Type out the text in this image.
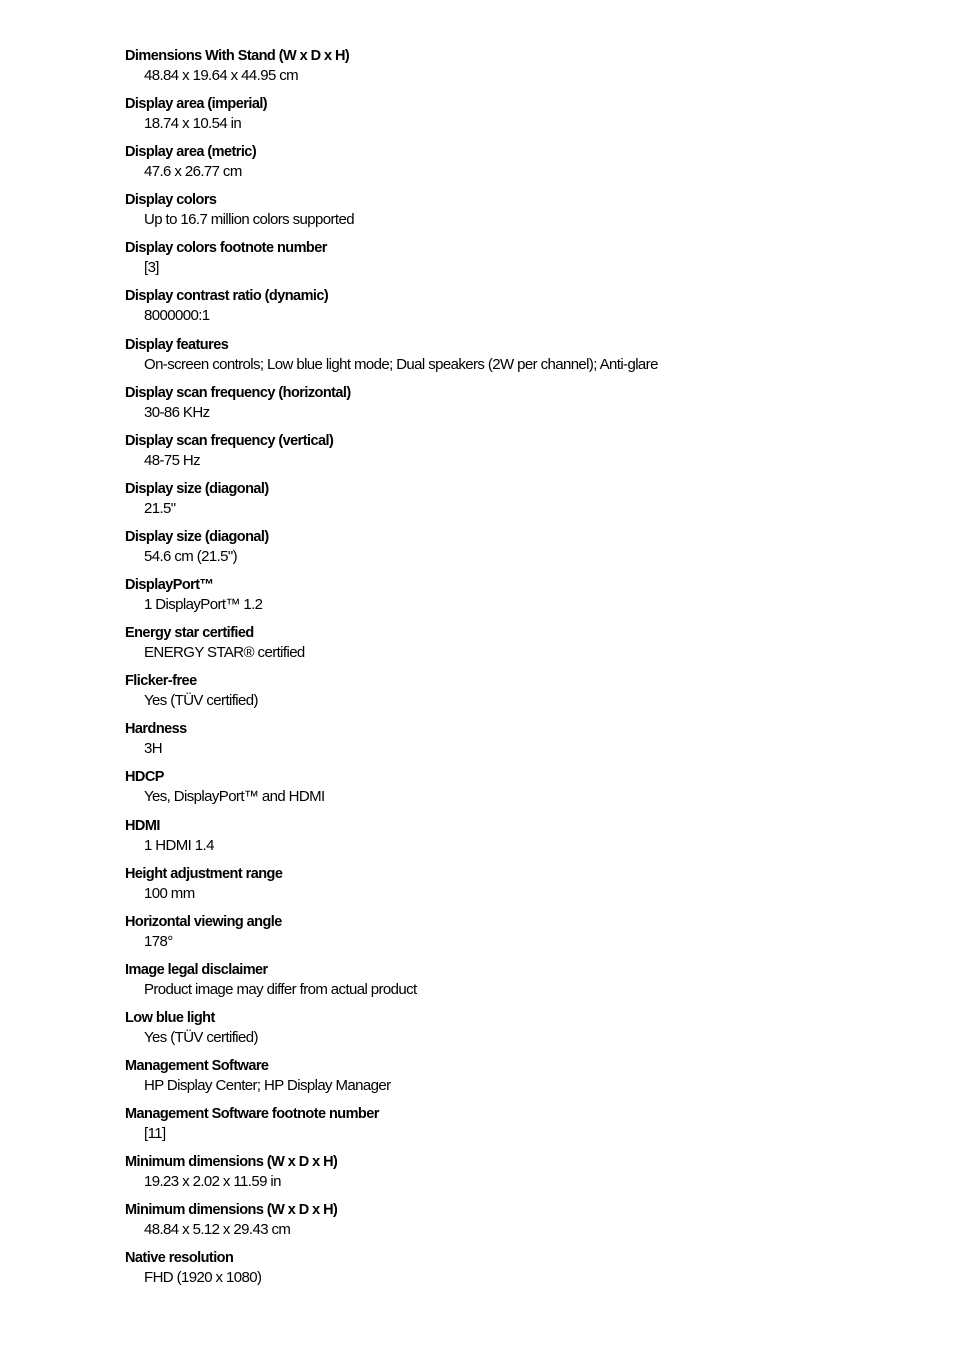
Dimensions With Stand (W x D x H)
48.84 x 19.64 x 44.95 cm
Display area (imperial)
18.74 x 10.54 in
Display area (metric)
47.6 x 26.77 cm
Display colors
Up to 16.7 million colors supported
Display colors footnote number
[3]
Display contrast ratio (dynamic)
8000000:1
Display features
On-screen controls; Low blue light mode; Dual speakers (2W per channel); Anti-glare
Display scan frequency (horizontal)
30-86 KHz
Display scan frequency (vertical)
48-75 Hz
Display size (diagonal)
21.5"
Display size (diagonal)
54.6 cm (21.5")
DisplayPort™
1 DisplayPort™ 1.2
Energy star certified
ENERGY STAR® certified
Flicker-free
Yes (TÜV certified)
Hardness
3H
HDCP
Yes, DisplayPort™ and HDMI
HDMI
1 HDMI 1.4
Height adjustment range
100 mm
Horizontal viewing angle
178°
Image legal disclaimer
Product image may differ from actual product
Low blue light
Yes (TÜV certified)
Management Software
HP Display Center; HP Display Manager
Management Software footnote number
[11]
Minimum dimensions (W x D x H)
19.23 x 2.02 x 11.59 in
Minimum dimensions (W x D x H)
48.84 x 5.12 x 29.43 cm
Native resolution
FHD (1920 x 1080)
